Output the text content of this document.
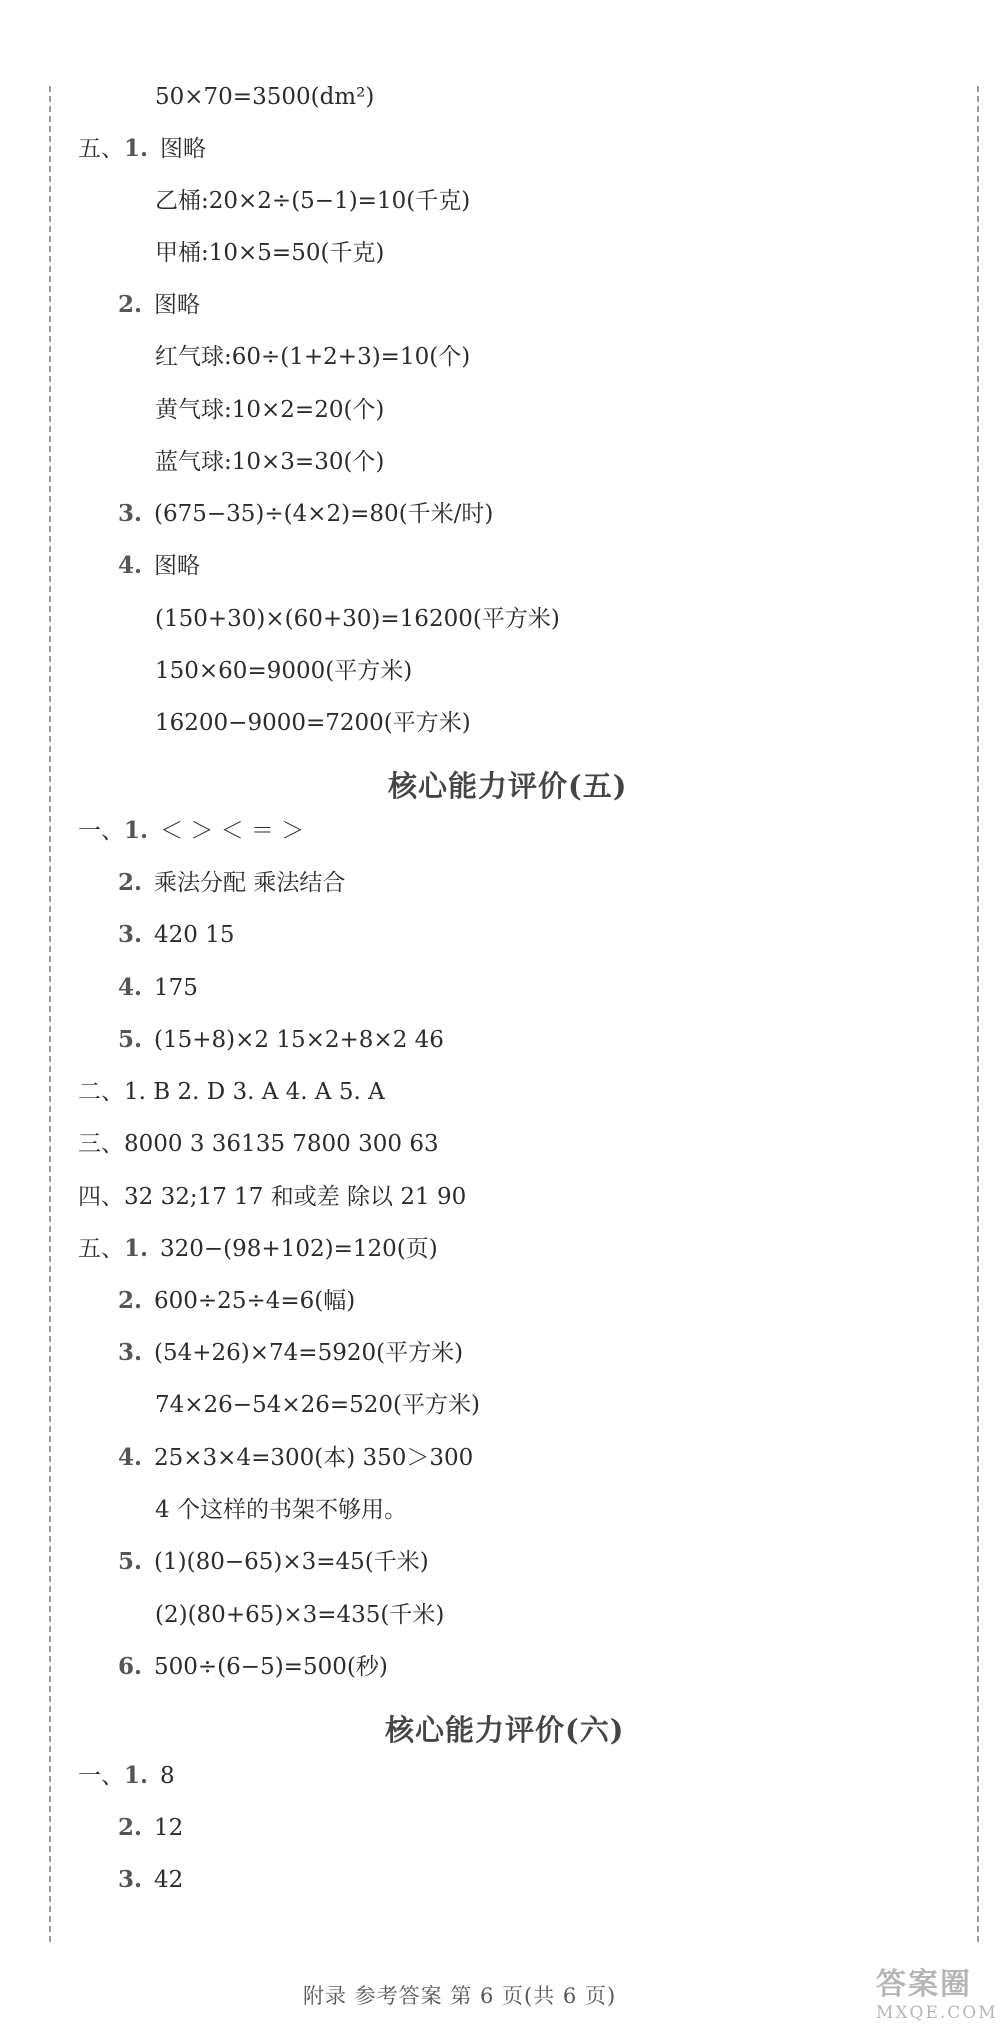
50×70=3500(dm²)
五、1. 图略
乙桶:20×2÷(5−1)=10(千克)
甲桶:10×5=50(千克)
2. 图略
红气球:60÷(1+2+3)=10(个)
黄气球:10×2=20(个)
蓝气球:10×3=30(个)
3. (675−35)÷(4×2)=80(千米/时)
4. 图略
(150+30)×(60+30)=16200(平方米)
150×60=9000(平方米)
16200−9000=7200(平方米)
核心能力评价(五)
一、1. ＜ ＞ ＜ ＝ ＞
2. 乘法分配 乘法结合
3. 420 15
4. 175
5. (15+8)×2 15×2+8×2 46
二、1. B 2. D 3. A 4. A 5. A
三、8000 3 36135 7800 300 63
四、32 32;17 17 和或差 除以 21 90
五、1. 320−(98+102)=120(页)
2. 600÷25÷4=6(幅)
3. (54+26)×74=5920(平方米)
74×26−54×26=520(平方米)
4. 25×3×4=300(本) 350＞300
4 个这样的书架不够用。
5. (1)(80−65)×3=45(千米)
(2)(80+65)×3=435(千米)
6. 500÷(6−5)=500(秒)
核心能力评价(六)
一、1. 8
2. 12
3. 42
附录 参考答案 第 6 页(共 6 页)	答案圈
MXQE.COM
